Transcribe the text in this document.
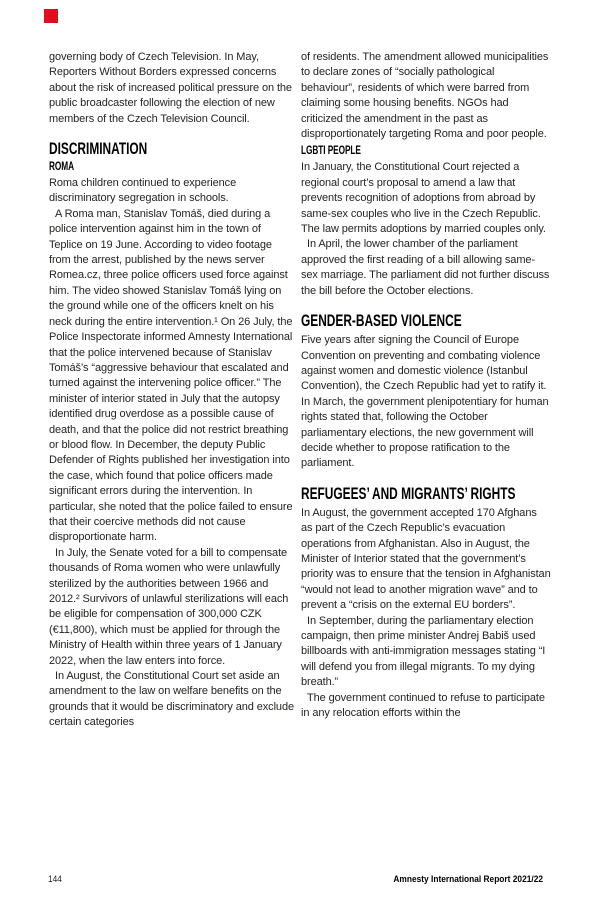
governing body of Czech Television. In May, Reporters Without Borders expressed concerns about the risk of increased political pressure on the public broadcaster following the election of new members of the Czech Television Council.

DISCRIMINATION
ROMA

Roma children continued to experience discriminatory segregation in schools.

A Roma man, Stanislav Tomáš, died during a police intervention against him in the town of Teplice on 19 June. According to video footage from the arrest, published by the news server Romea.cz, three police officers used force against him. The video showed Stanislav Tomáš lying on the ground while one of the officers knelt on his neck during the entire intervention.¹ On 26 July, the Police Inspectorate informed Amnesty International that the police intervened because of Stanislav Tomáš’s “aggressive behaviour that escalated and turned against the intervening police officer.” The minister of interior stated in July that the autopsy identified drug overdose as a possible cause of death, and that the police did not restrict breathing or blood flow. In December, the deputy Public Defender of Rights published her investigation into the case, which found that police officers made significant errors during the intervention. In particular, she noted that the police failed to ensure that their coercive methods did not cause disproportionate harm.

In July, the Senate voted for a bill to compensate thousands of Roma women who were unlawfully sterilized by the authorities between 1966 and 2012.² Survivors of unlawful sterilizations will each be eligible for compensation of 300,000 CZK (€11,800), which must be applied for through the Ministry of Health within three years of 1 January 2022, when the law enters into force.

In August, the Constitutional Court set aside an amendment to the law on welfare benefits on the grounds that it would be discriminatory and exclude certain categories

of residents. The amendment allowed municipalities to declare zones of “socially pathological behaviour”, residents of which were barred from claiming some housing benefits. NGOs had criticized the amendment in the past as disproportionately targeting Roma and poor people.

LGBTI PEOPLE

In January, the Constitutional Court rejected a regional court’s proposal to amend a law that prevents recognition of adoptions from abroad by same-sex couples who live in the Czech Republic. The law permits adoptions by married couples only.

In April, the lower chamber of the parliament approved the first reading of a bill allowing same-sex marriage. The parliament did not further discuss the bill before the October elections.

GENDER-BASED VIOLENCE

Five years after signing the Council of Europe Convention on preventing and combating violence against women and domestic violence (Istanbul Convention), the Czech Republic had yet to ratify it. In March, the government plenipotentiary for human rights stated that, following the October parliamentary elections, the new government will decide whether to propose ratification to the parliament.

REFUGEES’ AND MIGRANTS’ RIGHTS

In August, the government accepted 170 Afghans as part of the Czech Republic’s evacuation operations from Afghanistan. Also in August, the Minister of Interior stated that the government’s priority was to ensure that the tension in Afghanistan “would not lead to another migration wave” and to prevent a “crisis on the external EU borders”.

In September, during the parliamentary election campaign, then prime minister Andrej Babiš used billboards with anti-immigration messages stating “I will defend you from illegal migrants. To my dying breath.”

The government continued to refuse to participate in any relocation efforts within the

144	Amnesty International Report 2021/22
